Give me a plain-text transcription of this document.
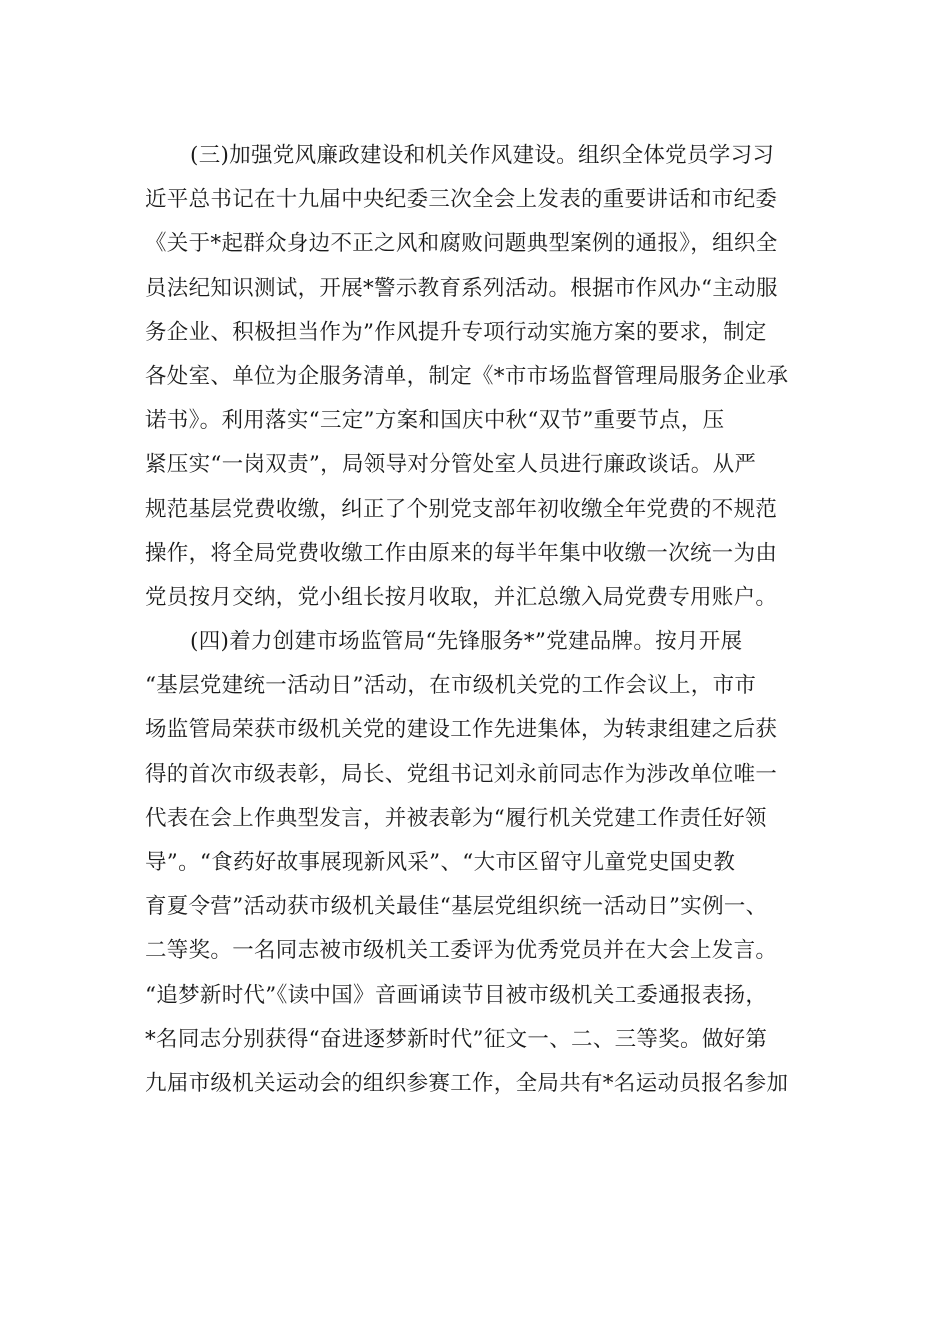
(三)加强党风廉政建设和机关作风建设。组织全体党员学习习
近平总书记在十九届中央纪委三次全会上发表的重要讲话和市纪委
《关于*起群众身边不正之风和腐败问题典型案例的通报》，组织全
员法纪知识测试，开展*警示教育系列活动。根据市作风办“主动服
务企业、积极担当作为”作风提升专项行动实施方案的要求，制定
各处室、单位为企服务清单，制定《*市市场监督管理局服务企业承
诺书》。利用落实“三定”方案和国庆中秋“双节”重要节点，压
紧压实“一岗双责”，局领导对分管处室人员进行廉政谈话。从严
规范基层党费收缴，纠正了个别党支部年初收缴全年党费的不规范
操作，将全局党费收缴工作由原来的每半年集中收缴一次统一为由
党员按月交纳，党小组长按月收取，并汇总缴入局党费专用账户。
(四)着力创建市场监管局“先锋服务*”党建品牌。按月开展
“基层党建统一活动日”活动，在市级机关党的工作会议上，市市
场监管局荣获市级机关党的建设工作先进集体，为转隶组建之后获
得的首次市级表彰，局长、党组书记刘永前同志作为涉改单位唯一
代表在会上作典型发言，并被表彰为“履行机关党建工作责任好领
导”。“食药好故事展现新风采”、“大市区留守儿童党史国史教
育夏令营”活动获市级机关最佳“基层党组织统一活动日”实例一、
二等奖。一名同志被市级机关工委评为优秀党员并在大会上发言。
“追梦新时代”《读中国》音画诵读节目被市级机关工委通报表扬，
*名同志分别获得“奋进逐梦新时代”征文一、二、三等奖。做好第
九届市级机关运动会的组织参赛工作，全局共有*名运动员报名参加
